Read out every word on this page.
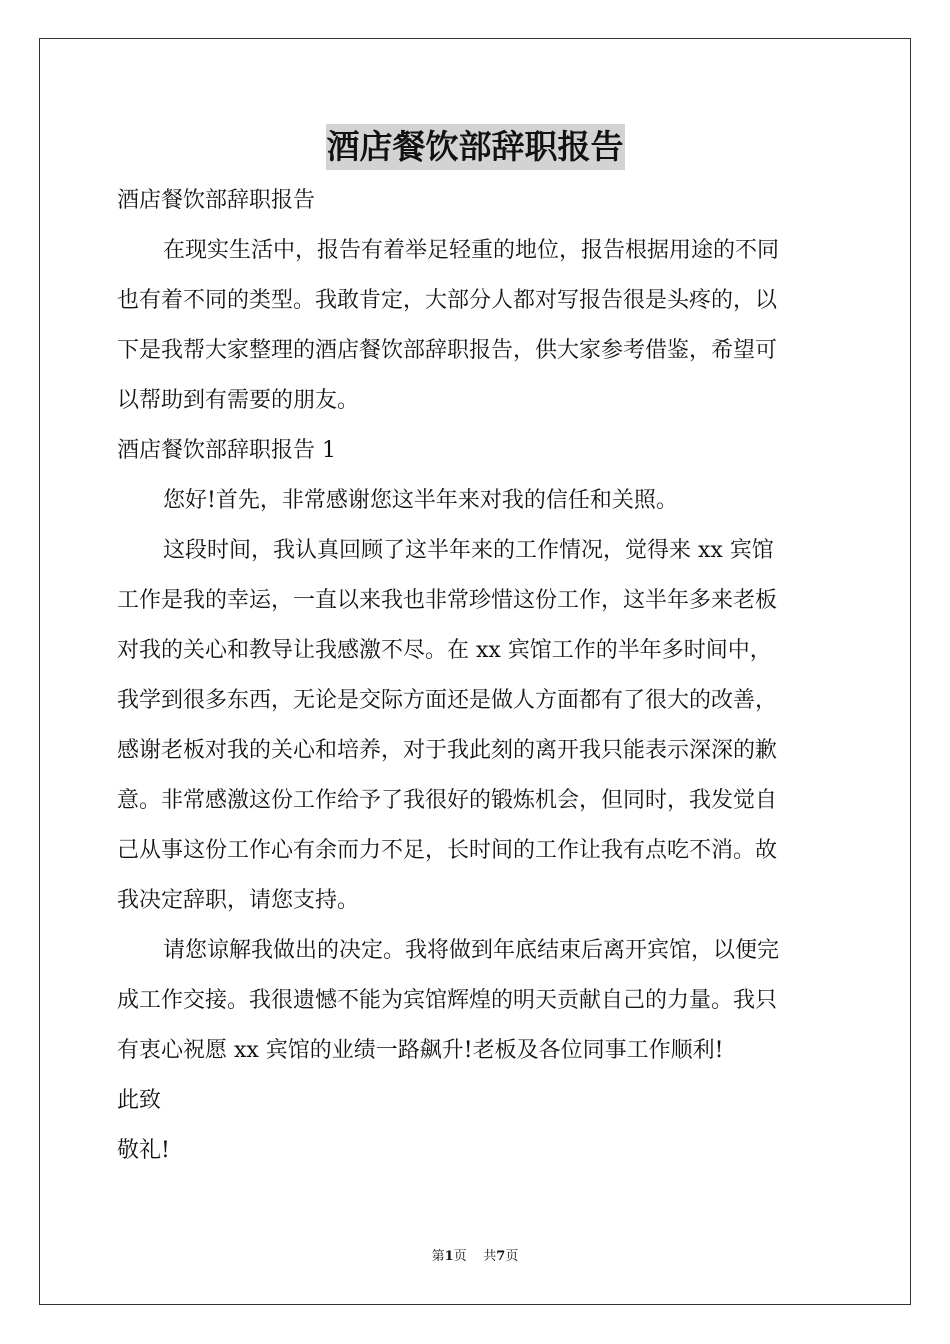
酒店餐饮部辞职报告
酒店餐饮部辞职报告
在现实生活中，报告有着举足轻重的地位，报告根据用途的不同
也有着不同的类型。我敢肯定，大部分人都对写报告很是头疼的，以
下是我帮大家整理的酒店餐饮部辞职报告，供大家参考借鉴，希望可
以帮助到有需要的朋友。
酒店餐饮部辞职报告 1
您好!首先，非常感谢您这半年来对我的信任和关照。
这段时间，我认真回顾了这半年来的工作情况，觉得来 xx 宾馆
工作是我的幸运，一直以来我也非常珍惜这份工作，这半年多来老板
对我的关心和教导让我感激不尽。在 xx 宾馆工作的半年多时间中，
我学到很多东西，无论是交际方面还是做人方面都有了很大的改善，
感谢老板对我的关心和培养，对于我此刻的离开我只能表示深深的歉
意。非常感激这份工作给予了我很好的锻炼机会，但同时，我发觉自
己从事这份工作心有余而力不足，长时间的工作让我有点吃不消。故
我决定辞职，请您支持。
请您谅解我做出的决定。我将做到年底结束后离开宾馆，以便完
成工作交接。我很遗憾不能为宾馆辉煌的明天贡献自己的力量。我只
有衷心祝愿 xx 宾馆的业绩一路飙升!老板及各位同事工作顺利!
此致
敬礼!
第1页 共7页
